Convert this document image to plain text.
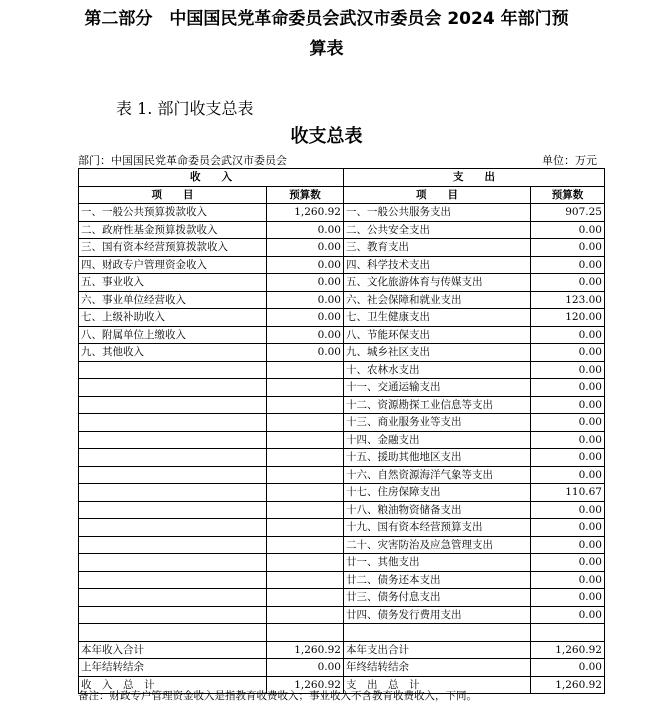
第二部分　中国国民党革命委员会武汉市委员会 2024 年部门预
算表
表 1. 部门收支总表
收支总表
部门：中国国民党革命委员会武汉市委员会	单位：万元
收　　入		支　　出	
项　　目	预算数	项　　目	预算数
一、一般公共预算拨款收入	1,260.92	一、一般公共服务支出	907.25
二、政府性基金预算拨款收入	0.00	二、公共安全支出	0.00
三、国有资本经营预算拨款收入	0.00	三、教育支出	0.00
四、财政专户管理资金收入	0.00	四、科学技术支出	0.00
五、事业收入	0.00	五、文化旅游体育与传媒支出	0.00
六、事业单位经营收入	0.00	六、社会保障和就业支出	123.00
七、上级补助收入	0.00	七、卫生健康支出	120.00
八、附属单位上缴收入	0.00	八、节能环保支出	0.00
九、其他收入	0.00	九、城乡社区支出	0.00
		十、农林水支出	0.00
		十一、交通运输支出	0.00
		十二、资源勘探工业信息等支出	0.00
		十三、商业服务业等支出	0.00
		十四、金融支出	0.00
		十五、援助其他地区支出	0.00
		十六、自然资源海洋气象等支出	0.00
		十七、住房保障支出	110.67
		十八、粮油物资储备支出	0.00
		十九、国有资本经营预算支出	0.00
		二十、灾害防治及应急管理支出	0.00
		廿一、其他支出	0.00
		廿二、债务还本支出	0.00
		廿三、债务付息支出	0.00
		廿四、债务发行费用支出	0.00

本年收入合计	1,260.92	本年支出合计	1,260.92
上年结转结余	0.00	年终结转结余	0.00
收　入　总　计	1,260.92	支　出　总　计	1,260.92
备注：财政专户管理资金收入是指教育收费收入；事业收入不含教育收费收入，下同。
